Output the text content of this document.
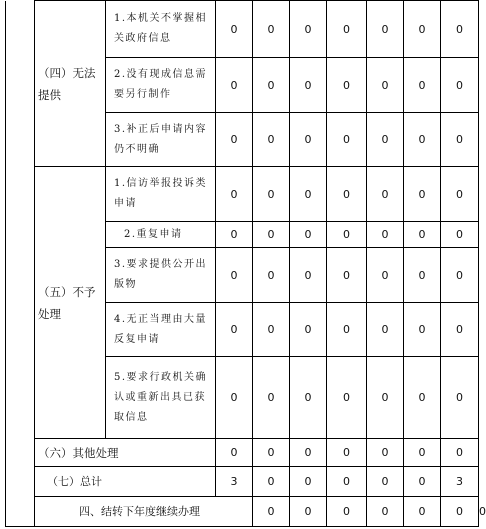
	（四）无法提供	1.本机关不掌握相关政府信息	0	0	0	0	0	0	0	
		2.没有现成信息需要另行制作	0	0	0	0	0	0	0	
		3.补正后申请内容仍不明确	0	0	0	0	0	0	0	
	（五）不予处理	1.信访举报投诉类申请	0	0	0	0	0	0	0	
		2.重复申请	0	0	0	0	0	0	0	
		3.要求提供公开出版物	0	0	0	0	0	0	0	
		4.无正当理由大量反复申请	0	0	0	0	0	0	0	
		5.要求行政机关确认或重新出具已获取信息	0	0	0	0	0	0	0	
	（六）其他处理		0	0	0	0	0	0	0	
	（七）总计		3	0	0	0	0	0	3	
	四、结转下年度继续办理			0	0	0	0	0	0	0
